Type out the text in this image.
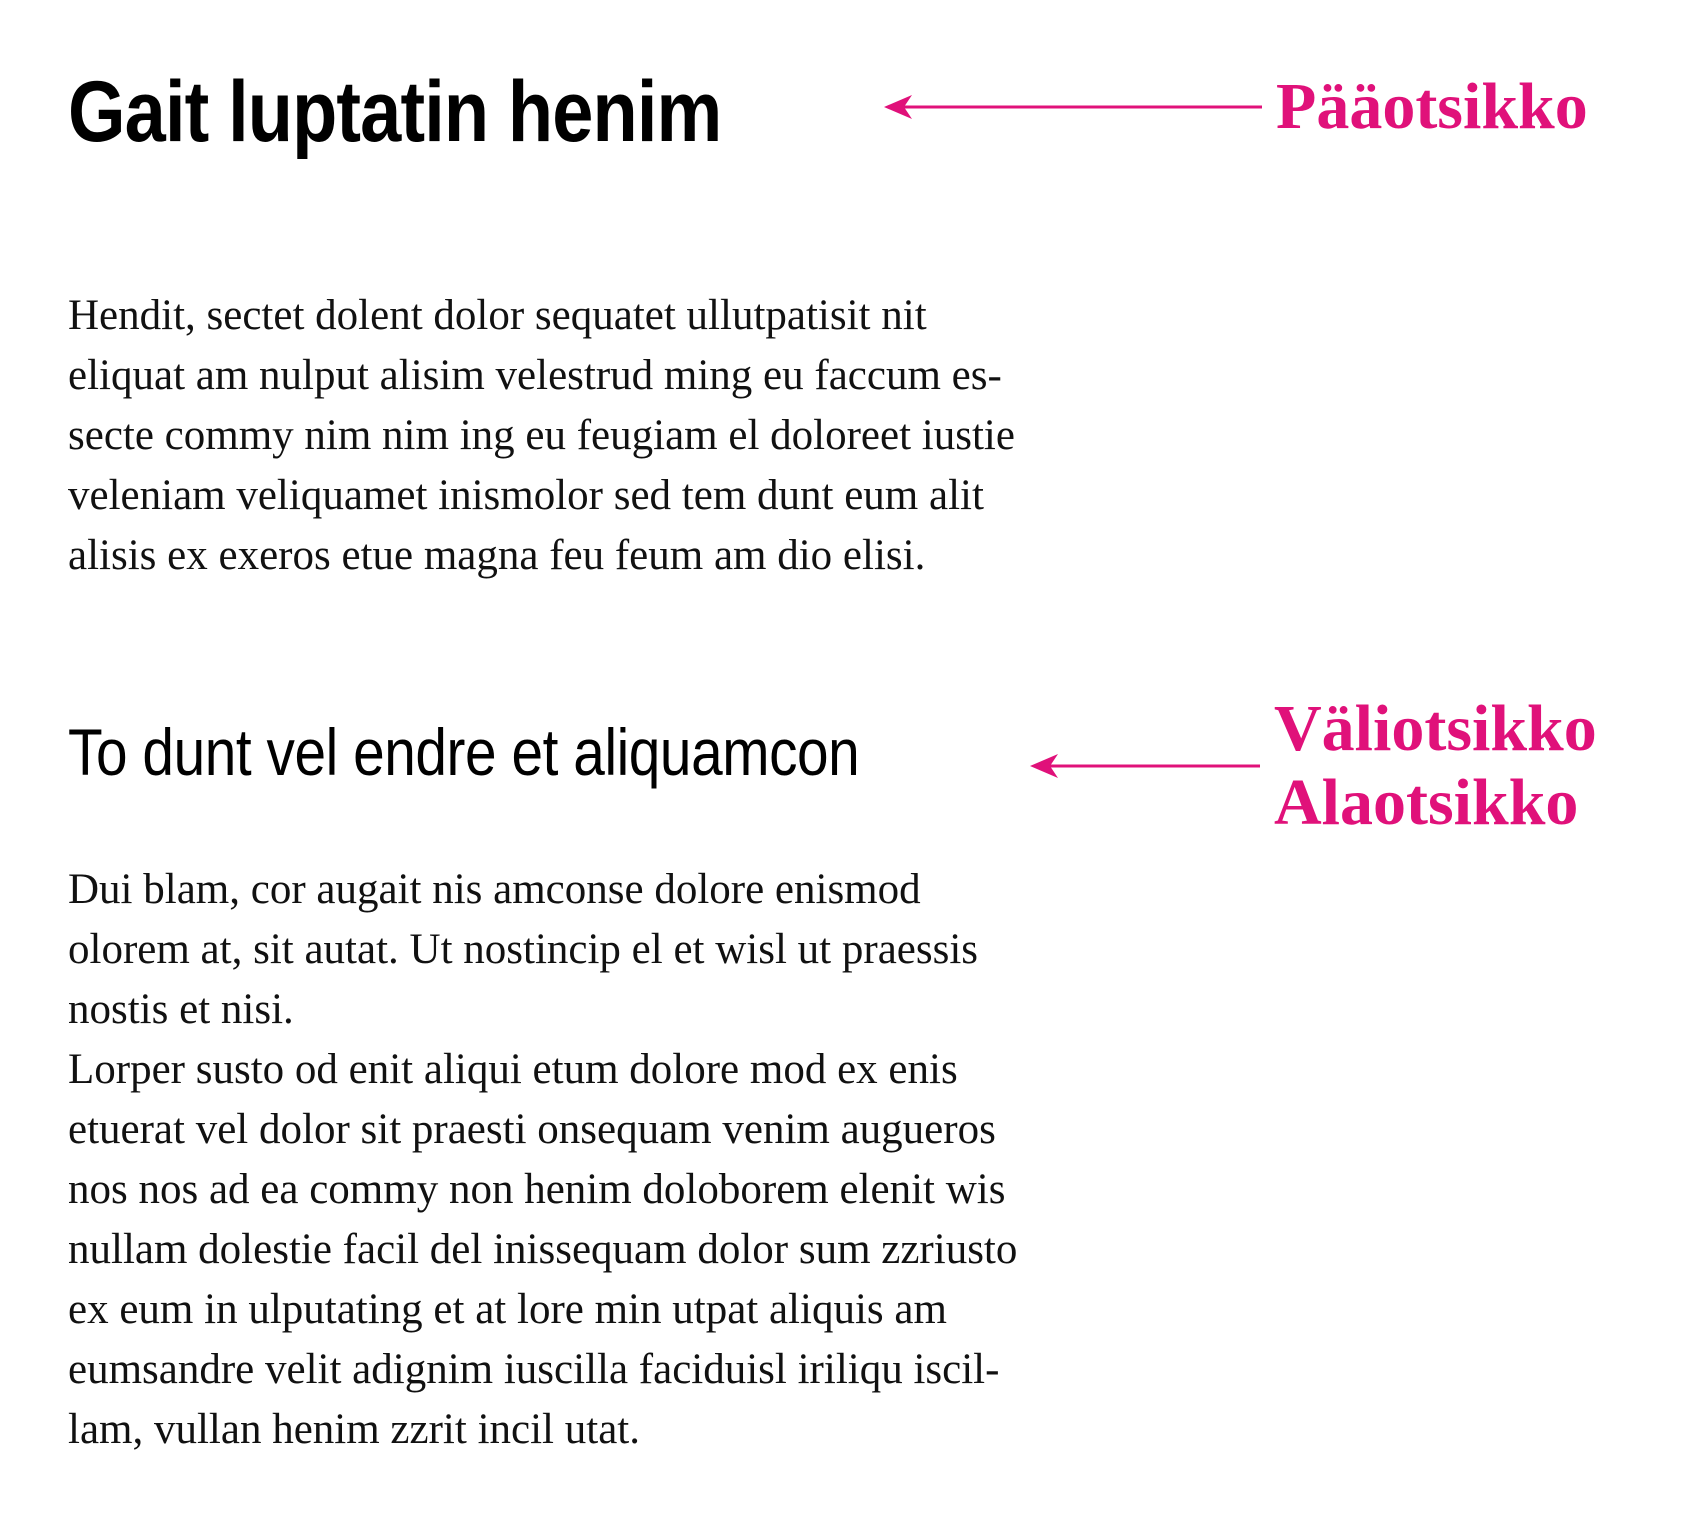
Gait luptatin henim
Hendit, sectet dolent dolor sequatet ullutpatisit nit
eliquat am nulput alisim velestrud ming eu faccum es-
secte commy nim nim ing eu feugiam el doloreet iustie
veleniam veliquamet inismolor sed tem dunt eum alit
alisis ex exeros etue magna feu feum am dio elisi.
To dunt vel endre et aliquamcon
Dui blam, cor augait nis amconse dolore enismod
olorem at, sit autat. Ut nostincip el et wisl ut praessis
nostis et nisi.
Lorper susto od enit aliqui etum dolore mod ex enis
etuerat vel dolor sit praesti onsequam venim augueros
nos nos ad ea commy non henim doloborem elenit wis
nullam dolestie facil del inissequam dolor sum zzriusto
ex eum in ulputating et at lore min utpat aliquis am
eumsandre velit adignim iuscilla faciduisl iriliqu iscil-
lam, vullan henim zzrit incil utat.
Pääotsikko
Väliotsikko
Alaotsikko
